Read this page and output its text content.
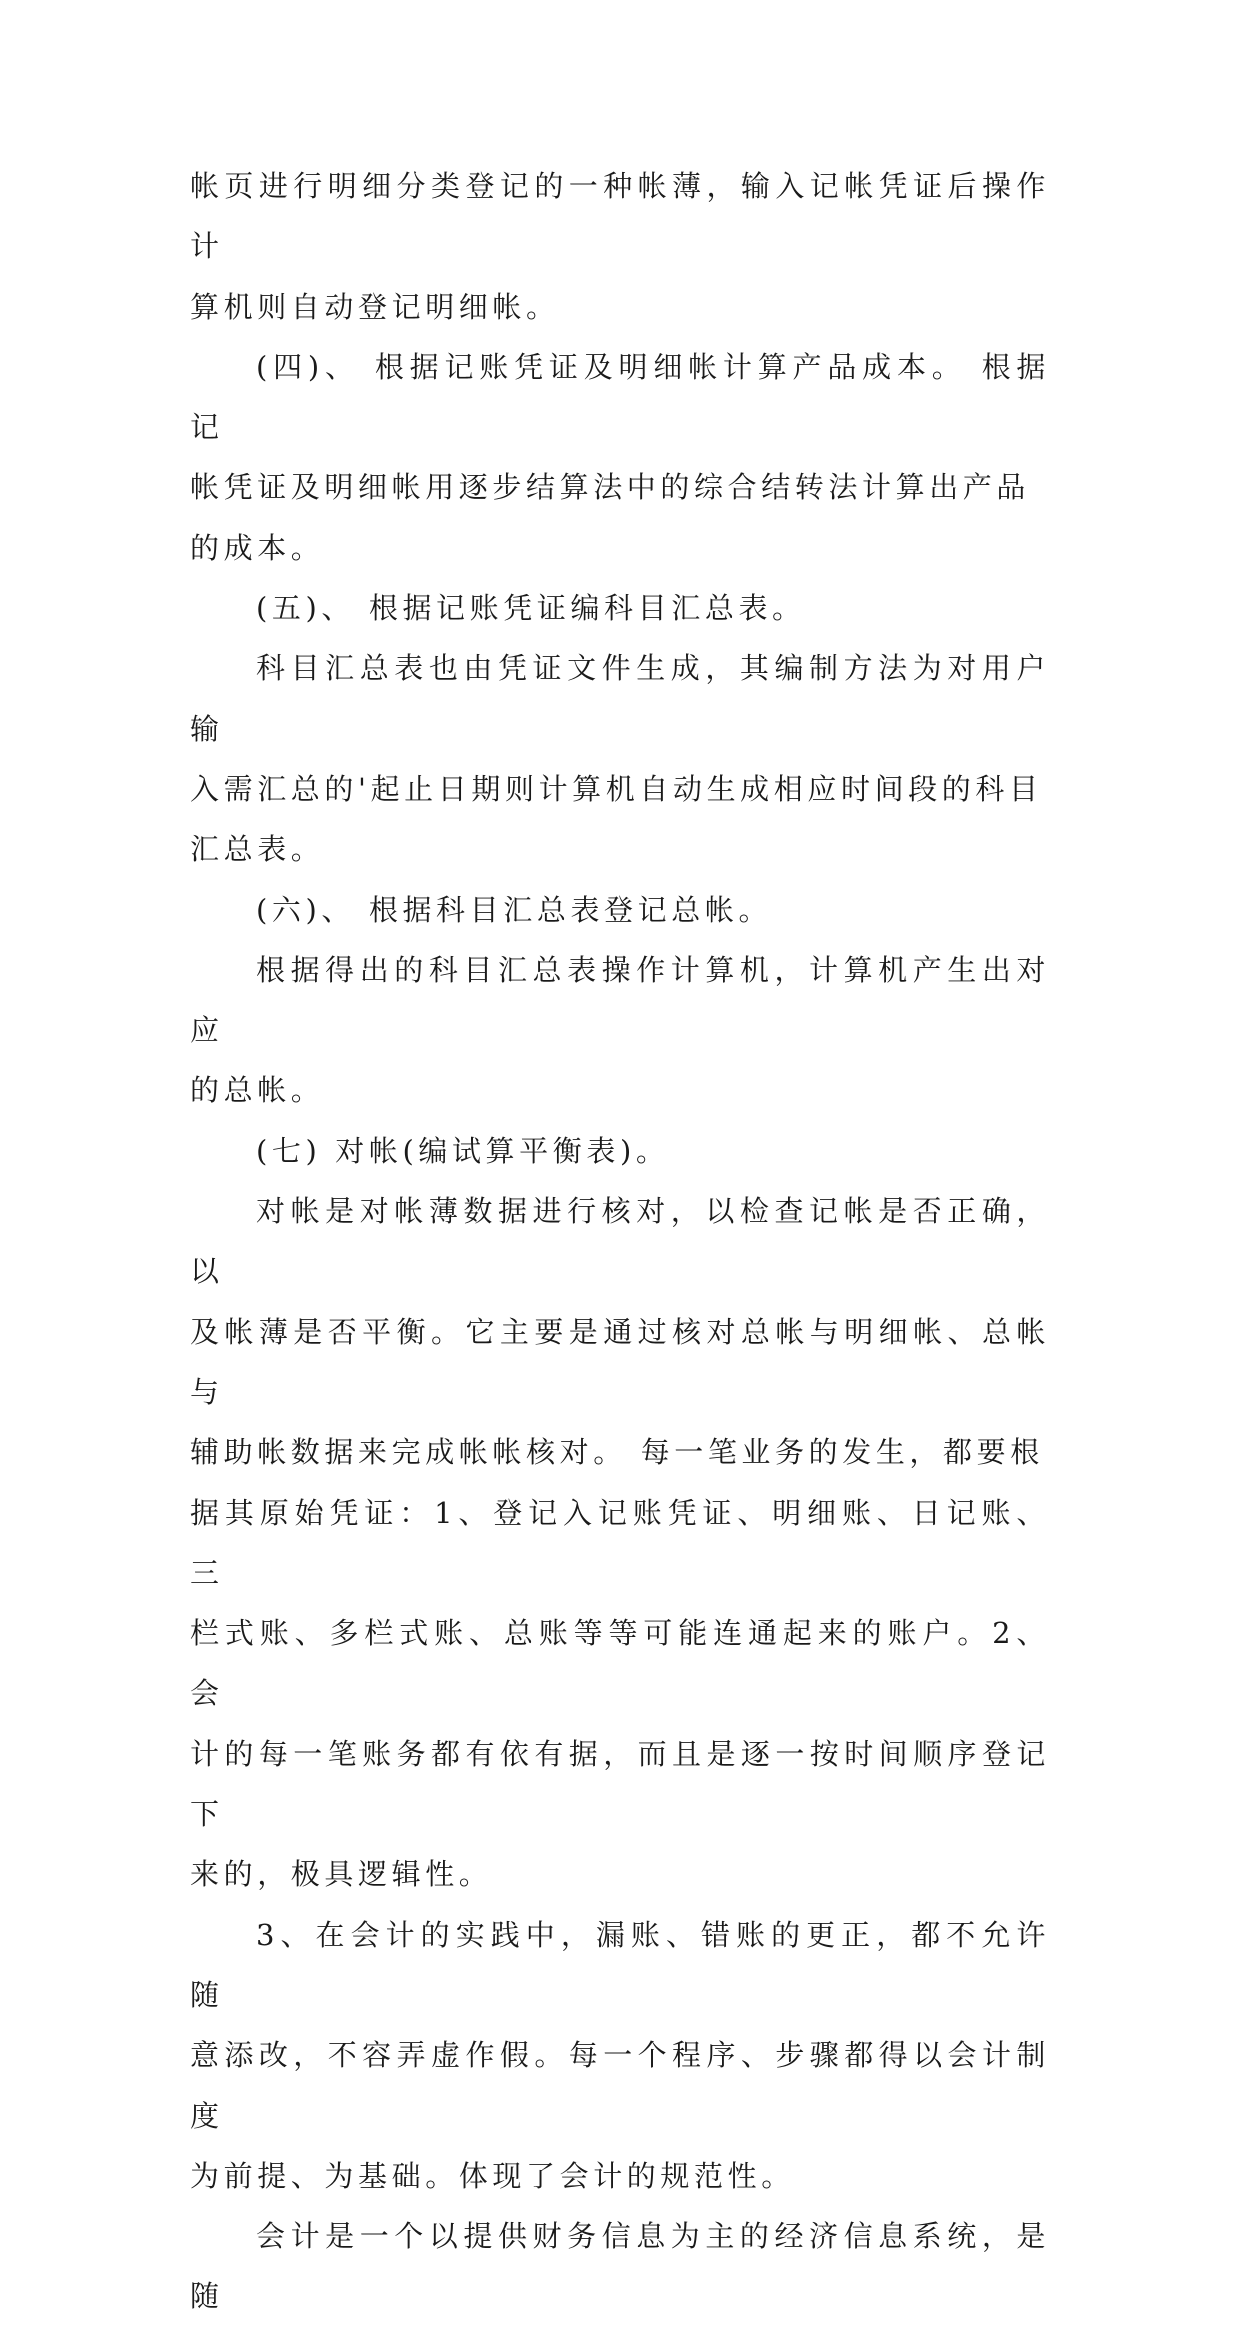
帐页进行明细分类登记的一种帐薄，输入记帐凭证后操作计
算机则自动登记明细帐。
(四)、 根据记账凭证及明细帐计算产品成本。 根据记
帐凭证及明细帐用逐步结算法中的综合结转法计算出产品
的成本。
(五)、 根据记账凭证编科目汇总表。
科目汇总表也由凭证文件生成，其编制方法为对用户输
入需汇总的'起止日期则计算机自动生成相应时间段的科目
汇总表。
(六)、 根据科目汇总表登记总帐。
根据得出的科目汇总表操作计算机，计算机产生出对应
的总帐。
(七) 对帐(编试算平衡表)。
对帐是对帐薄数据进行核对，以检查记帐是否正确，以
及帐薄是否平衡。它主要是通过核对总帐与明细帐、总帐与
辅助帐数据来完成帐帐核对。 每一笔业务的发生，都要根
据其原始凭证：1、登记入记账凭证、明细账、日记账、三
栏式账、多栏式账、总账等等可能连通起来的账户。2、会
计的每一笔账务都有依有据，而且是逐一按时间顺序登记下
来的，极具逻辑性。
3、在会计的实践中，漏账、错账的更正，都不允许随
意添改，不容弄虚作假。每一个程序、步骤都得以会计制度
为前提、为基础。体现了会计的规范性。
会计是一个以提供财务信息为主的经济信息系统，是随
